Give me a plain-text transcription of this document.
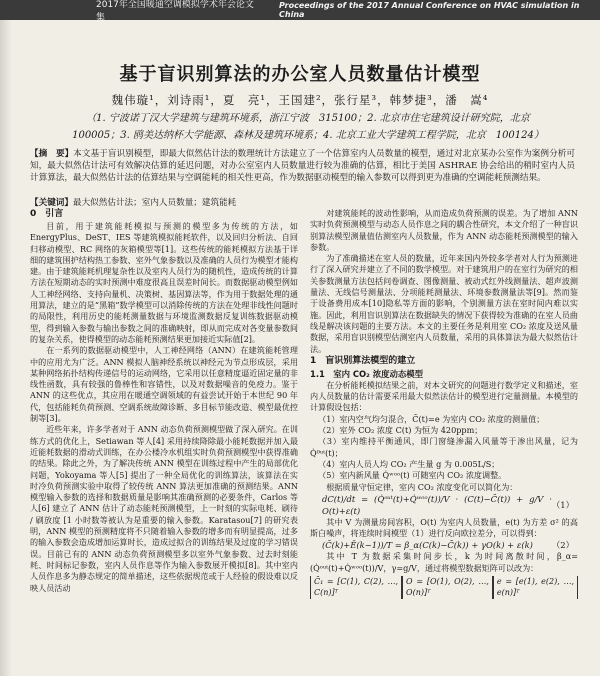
2017年全国暖通空调模拟学术年会论文集
Proceedings of the 2017 Annual Conference on HVAC simulation in China
基于盲识别算法的办公室人员数量估计模型
魏伟璇¹，刘诗雨¹，夏　亮¹，王国建²，张行星³，韩梦捷³，潘　嵩⁴
（1. 宁波诺丁汉大学建筑与建筑环境系，浙江宁波　315100；2. 北京市住宅建筑设计研究院，北京
100005；3. 鸥美达纳杯大学能源、森林及建筑环境系；4. 北京工业大学建筑工程学院，北京　100124）
【摘　要】本文基于盲识别模型，即最大似然估计法的数理统计方法建立了一个估算室内人员数量的模型，通过对北京某办公室作为案例分析可知，最大似然估计法可有效解决估算的延迟问题，对办公室室内人员数量进行较为准确的估算，相比于美国 ASHRAE 协会给出的稍时室内人员计算算法，最大似然估计法的估算结果与空调能耗的相关性更高，作为数据驱动模型的输入参数可以得到更为准确的空调能耗预测结果。
【关键词】最大似然估计法；室内人员数量；建筑能耗
0　引言

目前，用于建筑能耗模拟与预测的模型多为传统的方法，如 EnergyPlus、DeST、IES 等建筑模拟能耗软件，以及回归分析法、自回归移动模型、RC 网络的灰箱模型等[1]。这些传统的能耗模拟方法基于详细的建筑围护结构热工参数、室外气象参数以及准确的人员行为模型才能构建。由于建筑能耗机理复杂性以及室内人员行为的随机性，造成传统的计算方法在短期动态的实时预测中难度很高且误差时间长。而数据驱动模型例如人工神经网络、支持向量机、决策树、基因算法等，作为用于数据处理的通用算法，建立的是“黑箱”数学模型可以消除传统的方法在处理非线性问题时的局限性，利用历史的能耗测量数据与环境监测数据反复训练数据驱动模型，得到输入参数与输出参数之间的准确映射，即从而完成对各变量参数间的复杂关系，使得模型的动态能耗预测结果更加接近实际值[2]。

在一系列的数据驱动模型中，人工神经网络（ANN）在建筑能耗管理中的应用尤为广泛。ANN 模拟人脑神经系统以神经元为节点形成层，采用某种网络拓扑结构传递信号的运动网络，它采用以任意精度逼近固定量的非线性函数，具有较强的鲁棒性和容错性，以及对数据噪音的免疫力。鉴于 ANN 的这些优点，其应用在暖通空调领域的有益尝试开始于本世纪 90 年代，包括能耗负荷预测、空调系统故障诊断、多目标节能改造、模型最优控制等[3]。

近些年来，许多学者对于 ANN 动态负荷预测模型做了深入研究。在训练方式的优化上，Setiawan 等人[4] 采用持续降除最小能耗数据并加入最近能耗数据的滑动式训练，在办公楼冷水机组实时负荷预测模型中获得准确的结果。除此之外，为了解决传统 ANN 模型在训练过程中产生的局部优化问题，Yokoyama 等人[5] 提出了一种全局优化的训练算法，该算法在实时冷负荷预测实验中取得了较传统 ANN 算法更加准确的预测结果。ANN 模型输入参数的选择和数据质量是影响其准确预测的必要条件，Carlos 等人[6] 建立了 ANN 估计了动态能耗预测模型，上一时刻的实际电耗、刷待 / 刷放度 [1 小时数等被认为是重要的输入参数。Karatasou[7] 的研究表明，ANN 模型的预测精度将不只随着输入参数的增多而有明显提高，过多的输入参数会造成增加运算时长，造成过拟合的训练结果及过度的学习错误误。目前已有的 ANN 动态负荷预测模型多以室外气象参数、过去时刻能耗、时间标记参数，室内人员作息等作为输入参数展开模拟[8]。其中室内人员作息多为静态规定的简单描述，这些依据规范或于人经验的假设难以反映人员活动

对建筑能耗的波动性影响，从而造成负荷预测的误差。为了增加 ANN 实时负荷预测模型与动态人员作息之间的耦合性研究，本文介绍了一种盲识别算法模型测量值估测室内人员数量，作为 ANN 动态能耗预测模型的输入参数。

为了准确描述在室人员的数量，近年来国内外较多学者对人行为预测进行了深入研究并建立了不同的数学模型。对于建筑用户的在室行为研究的相关参数测量方法包括问卷调查、图像测量、被动式红外线测量法、超声波测量法、无线信号测量法、分项能耗测量法、环境参数测量法等[9]。然而鉴于设备费用成本[10]隐私等方面的影响，个别测量方法在室时间内难以实施。因此，利用盲识别算法在数据缺失的情况下获得较为准确的在室人员曲线是解决该问题的主要方法。本文的主要任务是利用室 CO₂ 浓度及送风量数据，采用盲识别模型估测室内人员数量，采用的具体算法为最大似然估计法。

1　盲识别算法模型的建立
1.1　室内 CO₂ 浓度动态模型

在分析能耗模拟结果之前，对本文研究的问题进行数学定义和描述，室内人员数量的估计需要采用最大似然法估计的模型进行定量测量。本模型的计算假设包括：

（1）室内空气均匀混合，C̄(t)=e 为室内 CO₂ 浓度的测量值；

（2）室外 CO₂ 浓度 C(t) 为恒为 420ppm；

（3）室内维持平衡通风，即门窗缝渗漏入风量等于渗出风量，记为 Q̇⁰ᵘᵗ(t)；

（4）室内人员人均 CO₂ 产生量 g 为 0.005L/S；

（5）室内新风量 Q̇ʷᵒᵒ(t) 可随室内 CO₂ 浓度调整。

根据质量守恒定律，室内 CO₂ 浓度变化可以简化为：

dC(t)/dt = (Q̇ᵒᵘᵗ(t)+Q̇ʷᵒᵒ(t))/V · (C(t)−C̄(t)) + g/V · O(t)+ε(t)
（1）

其中 V 为测量房间容积，O(t) 为室内人员数量，e(t) 为方差 σ² 的高斯白噪声，将连续时间模型（1）进行反向欧拉差分，可以得到：

(C̄(k)+Ē(k−1))/T = β_α(C(k)−C̄(k)) + γO(k) + ε(k) （2）

其中 T 为数据采集时间步长，k 为时间离散时间，β_α=(Q̇ᵒᵘᵗ(t)+Q̇ʷᵒᵒ(t))/V，γ=g/V，通过将模型数据矩阵可以改为：

C̄₁ = [C(1), C(2), …, C(n)]ᵀ
O = [O(1), O(2), …, O(n)]ᵀ
e = [e(1), e(2), …, e(n)]ᵀ
